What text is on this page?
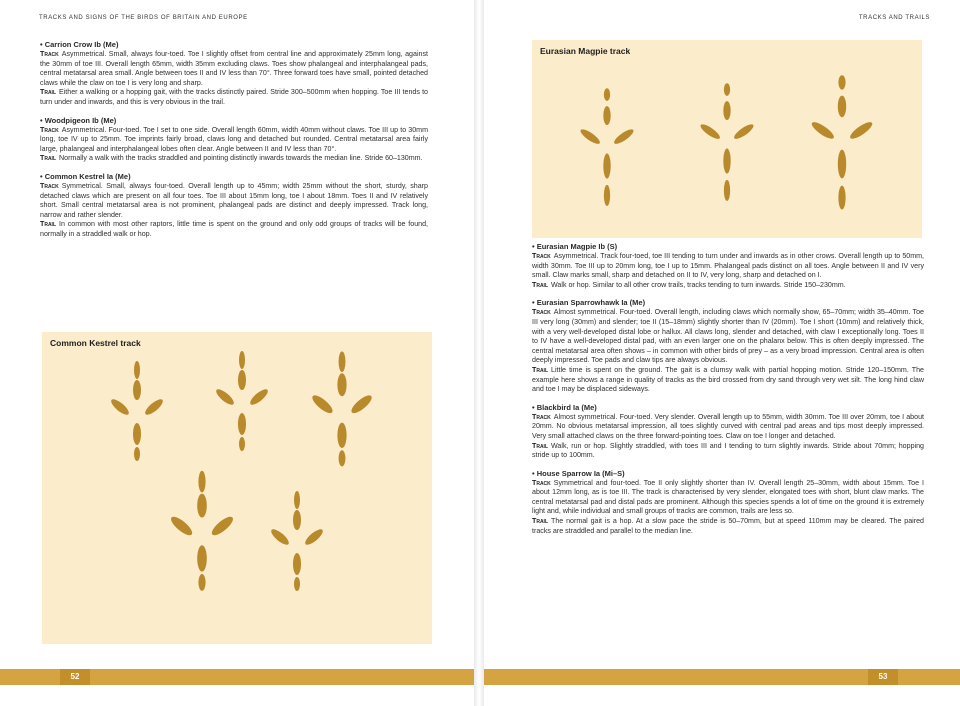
TRACKS AND SIGNS OF THE BIRDS OF BRITAIN AND EUROPE
• Carrion Crow Ib (Me)

Track Asymmetrical. Small, always four-toed. Toe I slightly offset from central line and approximately 25mm long, against the 30mm of toe III. Overall length 65mm, width 35mm excluding claws. Toes show phalangeal and interphalangeal pads, central metatarsal area small. Angle between toes II and IV less than 70°. Three forward toes have small, pointed detached claws while the claw on toe I is very long and sharp.

Trail Either a walking or a hopping gait, with the tracks distinctly paired. Stride 300–500mm when hopping. Toe III tends to turn under and inwards, and this is very obvious in the trail.

• Woodpigeon Ib (Me)

Track Asymmetrical. Four-toed. Toe I set to one side. Overall length 60mm, width 40mm without claws. Toe III up to 30mm long, toe IV up to 25mm. Toe imprints fairly broad, claws long and detached but rounded. Central metatarsal area fairly large, phalangeal and interphalangeal lobes often clear. Angle between II and IV less than 70°.

Trail Normally a walk with the tracks straddled and pointing distinctly inwards towards the median line. Stride 60–130mm.

• Common Kestrel Ia (Me)

Track Symmetrical. Small, always four-toed. Overall length up to 45mm; width 25mm without the short, sturdy, sharp detached claws which are present on all four toes. Toe III about 15mm long, toe I about 18mm. Toes II and IV relatively short. Small central metatarsal area is not prominent, phalangeal pads are distinct and deeply impressed. Track long, narrow and rather slender.

Trail In common with most other raptors, little time is spent on the ground and only odd groups of tracks will be found, normally in a straddled walk or hop.

Common Kestrel track
52
TRACKS AND TRAILS
Eurasian Magpie track
• Eurasian Magpie Ib (S)

Track Asymmetrical. Track four-toed, toe III tending to turn under and inwards as in other crows. Overall length up to 50mm, width 30mm. Toe III up to 20mm long, toe I up to 15mm. Phalangeal pads distinct on all toes. Angle between II and IV very small. Claw marks small, sharp and detached on II to IV, very long, sharp and detached on I.

Trail Walk or hop. Similar to all other crow trails, tracks tending to turn inwards. Stride 150–230mm.

• Eurasian Sparrowhawk Ia (Me)

Track Almost symmetrical. Four-toed. Overall length, including claws which normally show, 65–70mm; width 35–40mm. Toe III very long (30mm) and slender; toe II (15–18mm) slightly shorter than IV (20mm). Toe I short (10mm) and relatively thick, with a very well-developed distal lobe or hallux. All claws long, slender and detached, with claw I exceptionally long. Toes II to IV have a well-developed distal pad, with an even larger one on the phalanx below. This is often deeply impressed. The central metatarsal area often shows – in common with other birds of prey – as a very broad impression. Central area is often deeply impressed. Toe pads and claw tips are always obvious.

Trail Little time is spent on the ground. The gait is a clumsy walk with partial hopping motion. Stride 120–150mm. The example here shows a range in quality of tracks as the bird crossed from dry sand through very wet silt. The long hind claw and toe I may be displaced sideways.

• Blackbird Ia (Me)

Track Almost symmetrical. Four-toed. Very slender. Overall length up to 55mm, width 30mm. Toe III over 20mm, toe I about 20mm. No obvious metatarsal impression, all toes slightly curved with central pad areas and tips most deeply impressed. Very small attached claws on the three forward-pointing toes. Claw on toe I longer and detached.

Trail Walk, run or hop. Slightly straddled, with toes III and I tending to turn slightly inwards. Stride about 70mm; hopping stride up to 100mm.

• House Sparrow Ia (Mi–S)

Track Symmetrical and four-toed. Toe II only slightly shorter than IV. Overall length 25–30mm, width about 15mm. Toe I about 12mm long, as is toe III. The track is characterised by very slender, elongated toes with short, blunt claw marks. The central metatarsal pad and distal pads are prominent. Although this species spends a lot of time on the ground it is extremely light and, while individual and small groups of tracks are common, trails are less so.

Trail The normal gait is a hop. At a slow pace the stride is 50–70mm, but at speed 110mm may be cleared. The paired tracks are straddled and parallel to the median line.

53
